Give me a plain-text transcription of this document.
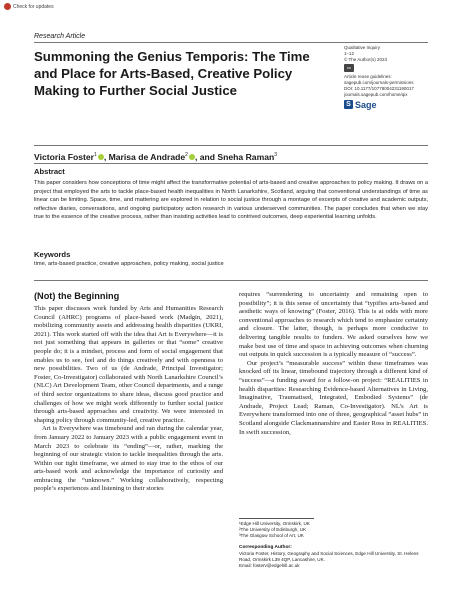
Check for updates
Research Article
Summoning the Genius Temporis: The Time and Place for Arts-Based, Creative Policy Making to Further Social Justice
Qualitative Inquiry
1–12
© The Author(s) 2023
cc
Article reuse guidelines:
sagepub.com/journals-permissions
DOI: 10.1177/10778004231190017
journals.sagepub.com/home/qix
S Sage
Victoria Foster$^1$ , Marisa de Andrade$^2$ , and Sneha Raman$^3$
Abstract
This paper considers how conceptions of time might affect the transformative potential of arts-based and creative approaches to policy making. It draws on a project that employed the arts to tackle place-based health inequalities in North Lanarkshire, Scotland, arguing that conventional understandings of time as linear can be limiting. Space, time, and mattering are explored in relation to social justice through a montage of excerpts of creative and academic outputs, reflective diaries, conversations, and ongoing participatory action research in various underserved communities. The paper concludes that when we stay true to the essence of the creative process, rather than insisting activities lead to contrived outcomes, deep experiential learning unfolds.
Keywords
time, arts-based practice, creative approaches, policy making, social justice
(Not) the Beginning

This paper discusses work funded by Arts and Humanities Research Council (AHRC) programs of place-based work (Madgin, 2021), mobilizing community assets and addressing health disparities (UKRI, 2021). This work started off with the idea that Art is Everywhere—it is not just something that appears in galleries or that “some” creative people do; it is a mindset, process and form of social engagement that enables us to see, feel and do things creatively and with openness to new possibilities. Two of us (de Andrade, Principal Investigator; Foster, Co-Investigator) collaborated with North Lanarkshire Council’s (NLC) Art Development Team, other Council departments, and a range of third sector organizations to share ideas, discuss good practice and challenges of how we might work differently to further social justice through arts-based approaches and creativity. We were interested in shaping policy through community-led, creative practice.

Art is Everywhere was timebound and ran during the calendar year, from January 2022 to January 2023 with a public engagement event in March 2023 to celebrate its “ending”—or, rather, marking the beginning of our strategic vision to tackle inequalities through the arts. Within our tight timeframe, we aimed to stay true to the ethos of our arts-based work and acknowledge the importance of curiosity and embracing the “unknown.” Working collaboratively, respecting people’s experiences and listening to their stories

requires “surrendering to uncertainty and remaining open to possibility”; it is this sense of uncertainty that “typifies arts-based and aesthetic ways of knowing” (Foster, 2016). This is at odds with more conventional approaches to research which tend to emphasize certainty and closure. The latter, though, is perhaps more conducive to delivering tangible results to funders. We asked ourselves how we make best use of time and space in achieving outcomes when churning out outputs in quick succession is a typically measure of “success”.

Our project’s “measurable success” within these timeframes was knocked off its linear, timebound trajectory through a different kind of “success”—a funding award for a follow-on project: “REALITIES in health disparities: Researching Evidence-based Alternatives in Living, Imaginative, Traumatised, Integrated, Embodied Systems” (de Andrade, Project Lead; Raman, Co-Investigator). NL’s Art is Everywhere transformed into one of three, geographical “asset hubs” in Scotland alongside Clackmannanshire and Easter Ross in REALITIES. In swift succession,

¹Edge Hill University, Ormskirk, UK
²The University of Edinburgh, UK
³The Glasgow School of Art, UK
Corresponding Author:
Victoria Foster, History, Geography and Social Sciences, Edge Hill University, St. Helens Road, Ormskirk L39 4QP, Lancashire, UK.
Email: fosterv@edgehill.ac.uk
